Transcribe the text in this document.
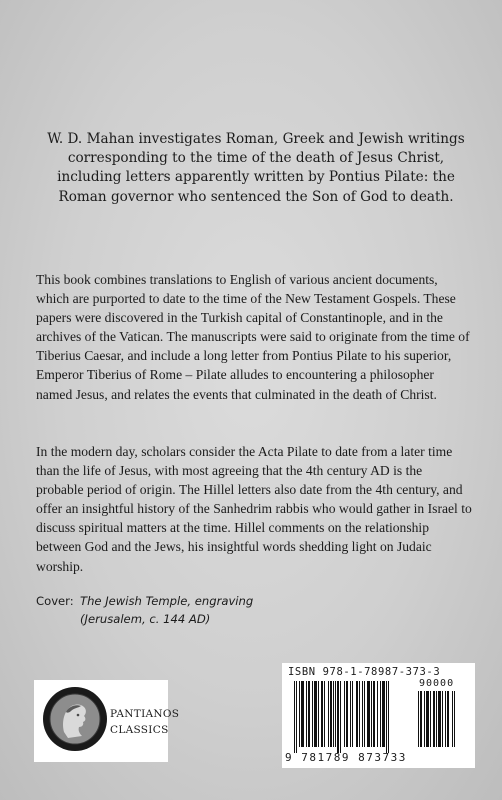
W. D. Mahan investigates Roman, Greek and Jewish writings corresponding to the time of the death of Jesus Christ, including letters apparently written by Pontius Pilate: the Roman governor who sentenced the Son of God to death.

This book combines translations to English of various ancient documents, which are purported to date to the time of the New Testament Gospels. These papers were discovered in the Turkish capital of Constantinople, and in the archives of the Vatican. The manuscripts were said to originate from the time of Tiberius Caesar, and include a long letter from Pontius Pilate to his superior, Emperor Tiberius of Rome – Pilate alludes to encountering a philosopher named Jesus, and relates the events that culminated in the death of Christ.

In the modern day, scholars consider the Acta Pilate to date from a later time than the life of Jesus, with most agreeing that the 4th century AD is the probable period of origin. The Hillel letters also date from the 4th century, and offer an insightful history of the Sanhedrim rabbis who would gather in Israel to discuss spiritual matters at the time. Hillel comments on the relationship between God and the Jews, his insightful words shedding light on Judaic worship.

Cover: The Jewish Temple, engraving
(Jerusalem, c. 144 AD)
PANTIANOS
CLASSICS
ISBN 978-1-78987-373-3
90000
9 781789 873733
